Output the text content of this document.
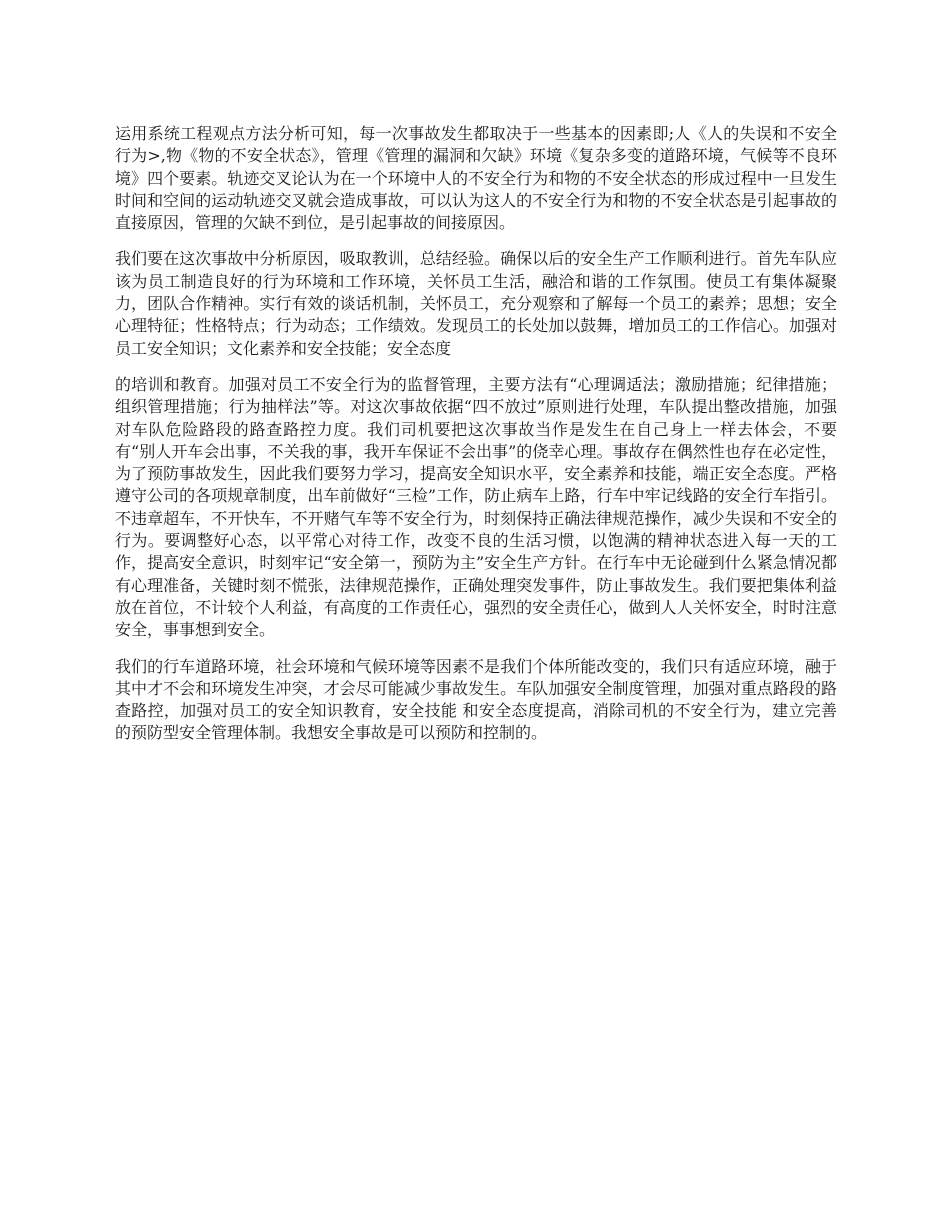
运用系统工程观点方法分析可知，每一次事故发生都取决于一些基本的因素即;人《人的失误和不安全行为>,物《物的不安全状态》，管理《管理的漏洞和欠缺》环境《复杂多变的道路环境，气候等不良环境》四个要素。轨迹交叉论认为在一个环境中人的不安全行为和物的不安全状态的形成过程中一旦发生时间和空间的运动轨迹交叉就会造成事故，可以认为这人的不安全行为和物的不安全状态是引起事故的直接原因，管理的欠缺不到位，是引起事故的间接原因。

我们要在这次事故中分析原因，吸取教训，总结经验。确保以后的安全生产工作顺利进行。首先车队应该为员工制造良好的行为环境和工作环境，关怀员工生活，融洽和谐的工作氛围。使员工有集体凝聚力，团队合作精神。实行有效的谈话机制，关怀员工，充分观察和了解每一个员工的素养；思想；安全心理特征；性格特点；行为动态；工作绩效。发现员工的长处加以鼓舞，增加员工的工作信心。加强对员工安全知识；文化素养和安全技能；安全态度

的培训和教育。加强对员工不安全行为的监督管理，主要方法有“心理调适法；激励措施；纪律措施；组织管理措施；行为抽样法”等。对这次事故依据“四不放过”原则进行处理，车队提出整改措施，加强对车队危险路段的路查路控力度。我们司机要把这次事故当作是发生在自己身上一样去体会，不要有“别人开车会出事，不关我的事，我开车保证不会出事”的侥幸心理。事故存在偶然性也存在必定性，为了预防事故发生，因此我们要努力学习，提高安全知识水平，安全素养和技能，端正安全态度。严格遵守公司的各项规章制度，出车前做好“三检”工作，防止病车上路，行车中牢记线路的安全行车指引。不违章超车，不开快车，不开赌气车等不安全行为，时刻保持正确法律规范操作，减少失误和不安全的行为。要调整好心态，以平常心对待工作，改变不良的生活习惯，以饱满的精神状态进入每一天的工作，提高安全意识，时刻牢记“安全第一，预防为主”安全生产方针。在行车中无论碰到什么紧急情况都有心理准备，关键时刻不慌张，法律规范操作，正确处理突发事件，防止事故发生。我们要把集体利益放在首位，不计较个人利益，有高度的工作责任心，强烈的安全责任心，做到人人关怀安全，时时注意安全，事事想到安全。

我们的行车道路环境，社会环境和气候环境等因素不是我们个体所能改变的，我们只有适应环境，融于其中才不会和环境发生冲突，才会尽可能减少事故发生。车队加强安全制度管理，加强对重点路段的路查路控，加强对员工的安全知识教育，安全技能 和安全态度提高，消除司机的不安全行为，建立完善的预防型安全管理体制。我想安全事故是可以预防和控制的。
